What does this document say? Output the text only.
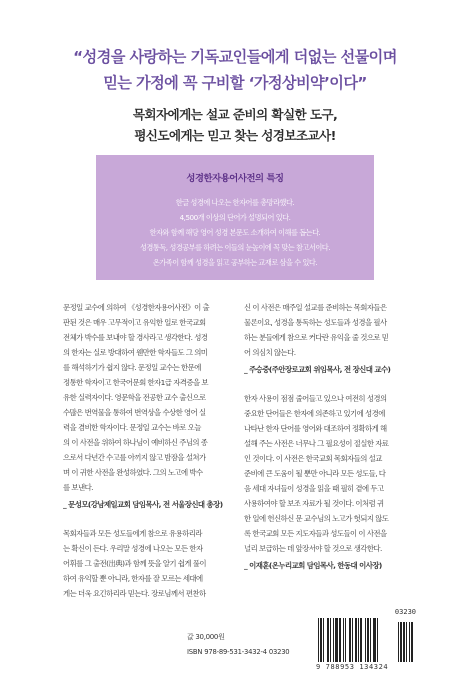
“성경을 사랑하는 기독교인들에게 더없는 선물이며
믿는 가정에 꼭 구비할 ‘가정상비약’이다”
목회자에게는 설교 준비의 확실한 도구,
평신도에게는 믿고 찾는 성경보조교사!
성경한자용어사전의 특징
한글 성경에 나오는 한자어를 총망라했다.
4,500개 이상의 단어가 설명되어 있다.
한자와 함께 해당 영어 성경 본문도 소개하여 이해를 돕는다.
성경통독, 성경공부를 하려는 이들의 눈높이에 꼭 맞는 참고서이다.
온가족이 함께 성경을 읽고 공부하는 교재로 삼을 수 있다.

문정일 교수에 의하여 《성경한자용어사전》이 출

판된 것은 매우 고무적이고 유익한 일로 한국교회

전체가 박수를 보내야 할 경사라고 생각한다. 성경

의 한자는 실로 방대하여 웬만한 학자들도 그 의미

를 해석하기가 쉽지 않다. 문정일 교수는 한문에

정통한 학자이고 한국어문회 한자1급 자격증을 보

유한 실력자이다. 영문학을 전공한 교수 출신으로

수많은 번역물을 통하여 번역상을 수상한 영어 실

력을 겸비한 학자이다. 문정일 교수는 바로 오늘

의 이 사전을 위하여 하나님이 예비하신 주님의 종

으로서 다년간 수고를 아끼지 않고 밤잠을 설쳐가

며 이 귀한 사전을 완성하였다. 그의 노고에 박수

를 보낸다.

_ 문성모(강남제일교회 담임목사, 전 서울장신대 총장)

목회자들과 모든 성도들에게 참으로 유용하리라

는 확신이 든다. 우리말 성경에 나오는 모든 한자

어휘를 그 출전(出典)과 함께 뜻을 알기 쉽게 풀이

하여 유익할 뿐 아니라, 한자를 잘 모르는 세대에

게는 더욱 요긴하리라 믿는다. 장로님께서 편찬하

신 이 사전은 매주일 설교를 준비하는 목회자들은

물론이요, 성경을 통독하는 성도들과 성경을 필사

하는 분들에게 참으로 커다란 유익을 줄 것으로 믿

어 의심치 않는다.

_ 주승중(주안장로교회 위임목사, 전 장신대 교수)

한자 사용이 점점 줄어들고 있으나 여전히 성경의

중요한 단어들은 한자에 의존하고 있기에 성경에

나타난 한자 단어를 영어와 대조하여 정확하게 해

설해 주는 사전은 너무나 그 필요성이 절실한 자료

인 것이다. 이 사전은 한국교회 목회자들의 설교

준비에 큰 도움이 될 뿐만 아니라 모든 성도들, 다

음 세대 자녀들이 성경을 읽을 때 필히 곁에 두고

사용하여야 할 보조 자료가 될 것이다. 이처럼 귀

한 일에 헌신하신 문 교수님의 노고가 헛되지 않도

록 한국교회 모든 지도자들과 성도들이 이 사전을

널리 보급하는 데 앞장서야 할 것으로 생각한다.

_ 이재훈(온누리교회 담임목사, 한동대 이사장)

값 30,000원
ISBN 978-89-531-3432-4 03230
03230
9 788953 134324
